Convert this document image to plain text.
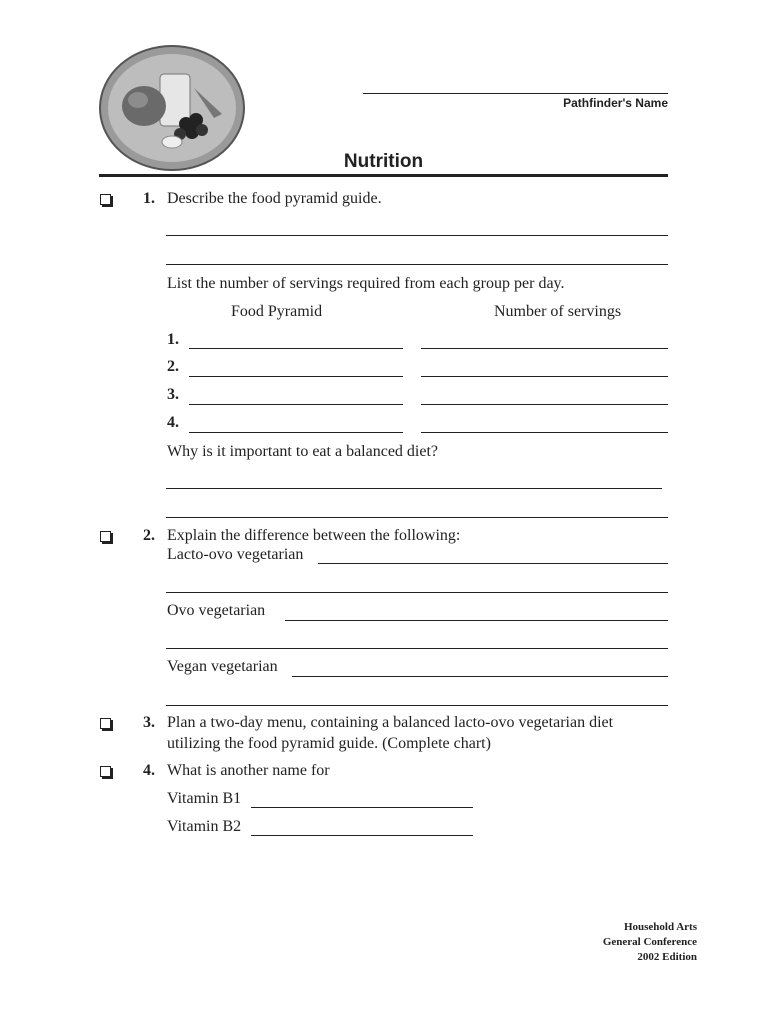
Pathfinder's Name
Nutrition
1. Describe the food pyramid guide.
List the number of servings required from each group per day.
Food Pyramid	Number of servings
1.
2.
3.
4.
Why is it important to eat a balanced diet?
2. Explain the difference between the following:
Lacto-ovo vegetarian
Ovo vegetarian
Vegan vegetarian
3. Plan a two-day menu, containing a balanced lacto-ovo vegetarian diet
utilizing the food pyramid guide. (Complete chart)
4. What is another name for
Vitamin B1
Vitamin B2
Household Arts
General Conference
2002 Edition
